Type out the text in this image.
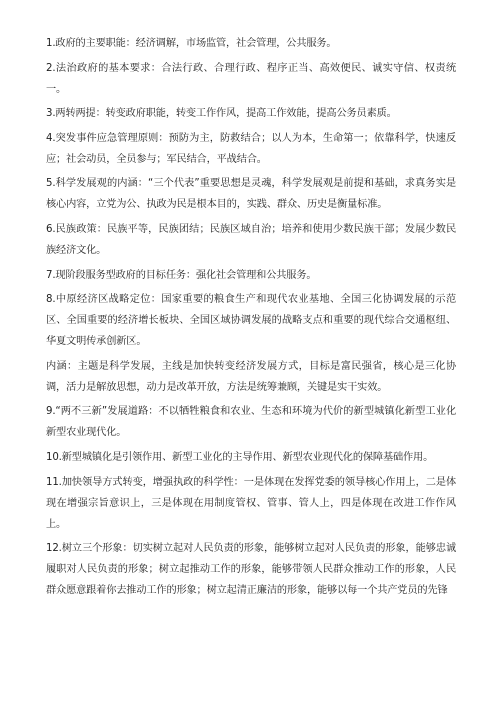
1.政府的主要职能：经济调解，市场监管，社会管理，公共服务。

2.法治政府的基本要求：合法行政、合理行政、程序正当、高效便民、诚实守信、权责统一。

3.两转两提：转变政府职能，转变工作作风，提高工作效能，提高公务员素质。

4.突发事件应急管理原则：预防为主，防救结合；以人为本，生命第一；依靠科学，快速反应；社会动员，全员参与；军民结合，平战结合。

5.科学发展观的内涵：“三个代表”重要思想是灵魂，科学发展观是前提和基础，求真务实是核心内容，立党为公、执政为民是根本目的，实践、群众、历史是衡量标准。

6.民族政策：民族平等，民族团结；民族区域自治；培养和使用少数民族干部；发展少数民族经济文化。

7.现阶段服务型政府的目标任务：强化社会管理和公共服务。

8.中原经济区战略定位：国家重要的粮食生产和现代农业基地、全国三化协调发展的示范区、全国重要的经济增长板块、全国区域协调发展的战略支点和重要的现代综合交通枢纽、华夏文明传承创新区。

内涵：主题是科学发展，主线是加快转变经济发展方式，目标是富民强省，核心是三化协调，活力是解放思想，动力是改革开放，方法是统筹兼顾，关键是实干实效。

9.“两不三新”发展道路：不以牺牲粮食和农业、生态和环境为代价的新型城镇化新型工业化新型农业现代化。

10.新型城镇化是引领作用、新型工业化的主导作用、新型农业现代化的保障基础作用。

11.加快领导方式转变，增强执政的科学性：一是体现在发挥党委的领导核心作用上，二是体现在增强宗旨意识上，三是体现在用制度管权、管事、管人上，四是体现在改进工作作风上。

12.树立三个形象：切实树立起对人民负责的形象，能够树立起对人民负责的形象，能够忠诚履职对人民负责的形象；树立起推动工作的形象，能够带领人民群众推动工作的形象，人民群众愿意跟着你去推动工作的形象；树立起清正廉洁的形象，能够以每一个共产党员的先锋
